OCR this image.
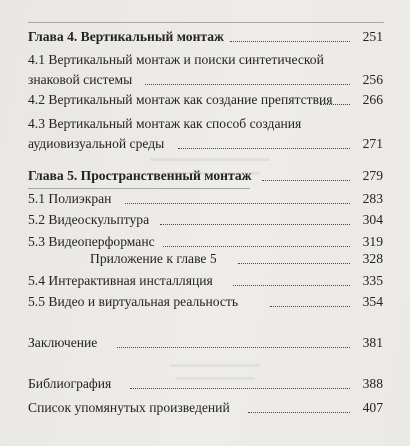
Глава 4. Вертикальный монтаж	251
4.1 Вертикальный монтаж и поиски синтетической
знаковой системы	256
4.2 Вертикальный монтаж как создание препятствия 266
4.3 Вертикальный монтаж как способ создания
аудиовизуальной среды	271
Глава 5. Пространственный монтаж	279
5.1 Полиэкран	283
5.2 Видеоскульптура	304
5.3 Видеоперформанс	319
Приложение к главе 5	328
5.4 Интерактивная инсталляция	335
5.5 Видео и виртуальная реальность	354
Заключение	381
Библиография	388
Список упомянутых произведений	407
